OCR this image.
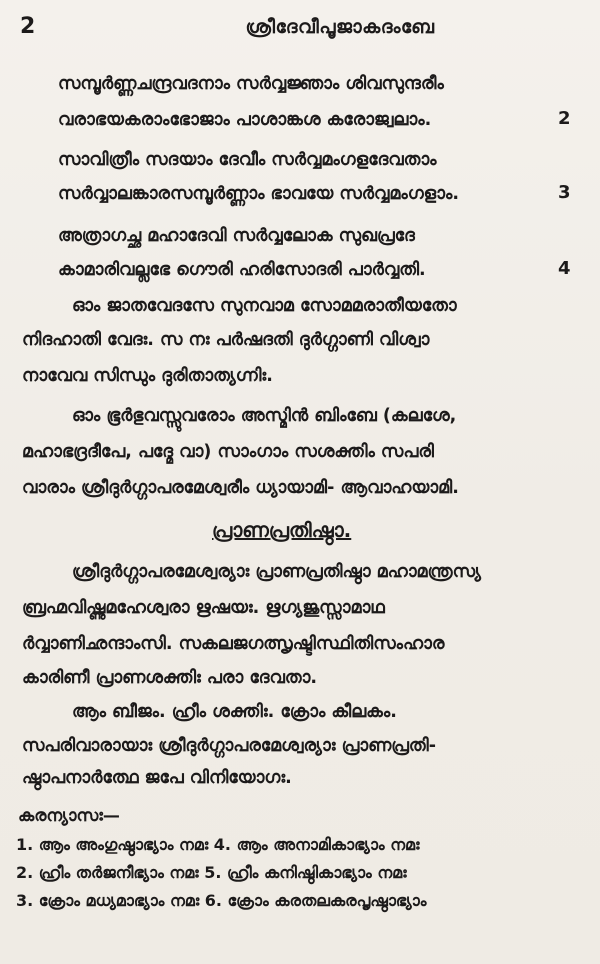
2	ശ്രീദേവീപൂജാകദംബേ
സമ്പൂർണ്ണചന്ദ്രവദനാം സർവ്വജ്ഞാം ശിവസുന്ദരീം
വരാഭയകരാംഭോജാം പാശാങ്കശ കരോജ്വലാം.	2
സാവിത്രീം സദയാം ദേവീം സർവ്വമംഗളദേവതാം
സർവ്വാലങ്കാരസമ്പൂർണ്ണാം ഭാവയേ സർവ്വമംഗളാം.	3
അത്രാഗച്ഛ മഹാദേവി സർവ്വലോക സുഖപ്രദേ
കാമാരിവല്ലഭേ ഗൌരി ഹരിസോദരി പാർവ്വതി.	4
ഓം ജാതവേദസേ സുനവാമ സോമമരാതീയതോ
നിദഹാതി വേദഃ. സ നഃ പർഷദതി ദുർഗ്ഗാണി വിശ്വാ
നാവേവ സിന്ധും ദുരിതാത്യഗ്നിഃ.
ഓം ഭൂർഭുവസ്സുവരോം അസ്മിൻ ബിംബേ (കലശേ,
മഹാഭദ്രദീപേ, പദ്മേ വാ) സാംഗാം സശക്തിം സപരി
വാരാം ശ്രീദുർഗ്ഗാപരമേശ്വരീം ധ്യായാമി- ആവാഹയാമി.
പ്രാണപ്രതിഷ്ഠാ.
ശ്രീദുർഗ്ഗാപരമേശ്വര്യാഃ പ്രാണപ്രതിഷ്ഠാ മഹാമന്ത്രസ്യ
ബ്രഹ്മവിഷ്ണുമഹേശ്വരാ ഋഷയഃ. ഋഗ്യജുസ്സാമാഥ
ർവ്വാണിഛന്ദാംസി. സകലജഗത്സൃഷ്ടിസ്ഥിതിസംഹാര
കാരിണീ പ്രാണശക്തിഃ പരാ ദേവതാ.
ആം ബീജം. ഹ്രീം ശക്തിഃ. ക്രോം കീലകം.
സപരിവാരായാഃ ശ്രീദുർഗ്ഗാപരമേശ്വര്യാഃ പ്രാണപ്രതി-
ഷ്ഠാപനാർത്ഥേ ജപേ വിനിയോഗഃ.
കരന്യാസഃ—
1. ആം അംഗുഷ്ഠാഭ്യാം നമഃ 4. ആം അനാമികാഭ്യാം നമഃ
2. ഹ്രീം തർജനീഭ്യാം നമഃ 5. ഹ്രീം കനിഷ്ഠികാഭ്യാം നമഃ
3. ക്രോം മധ്യമാഭ്യാം നമഃ 6. ക്രോം കരതലകരപൃഷ്ഠാഭ്യാം
